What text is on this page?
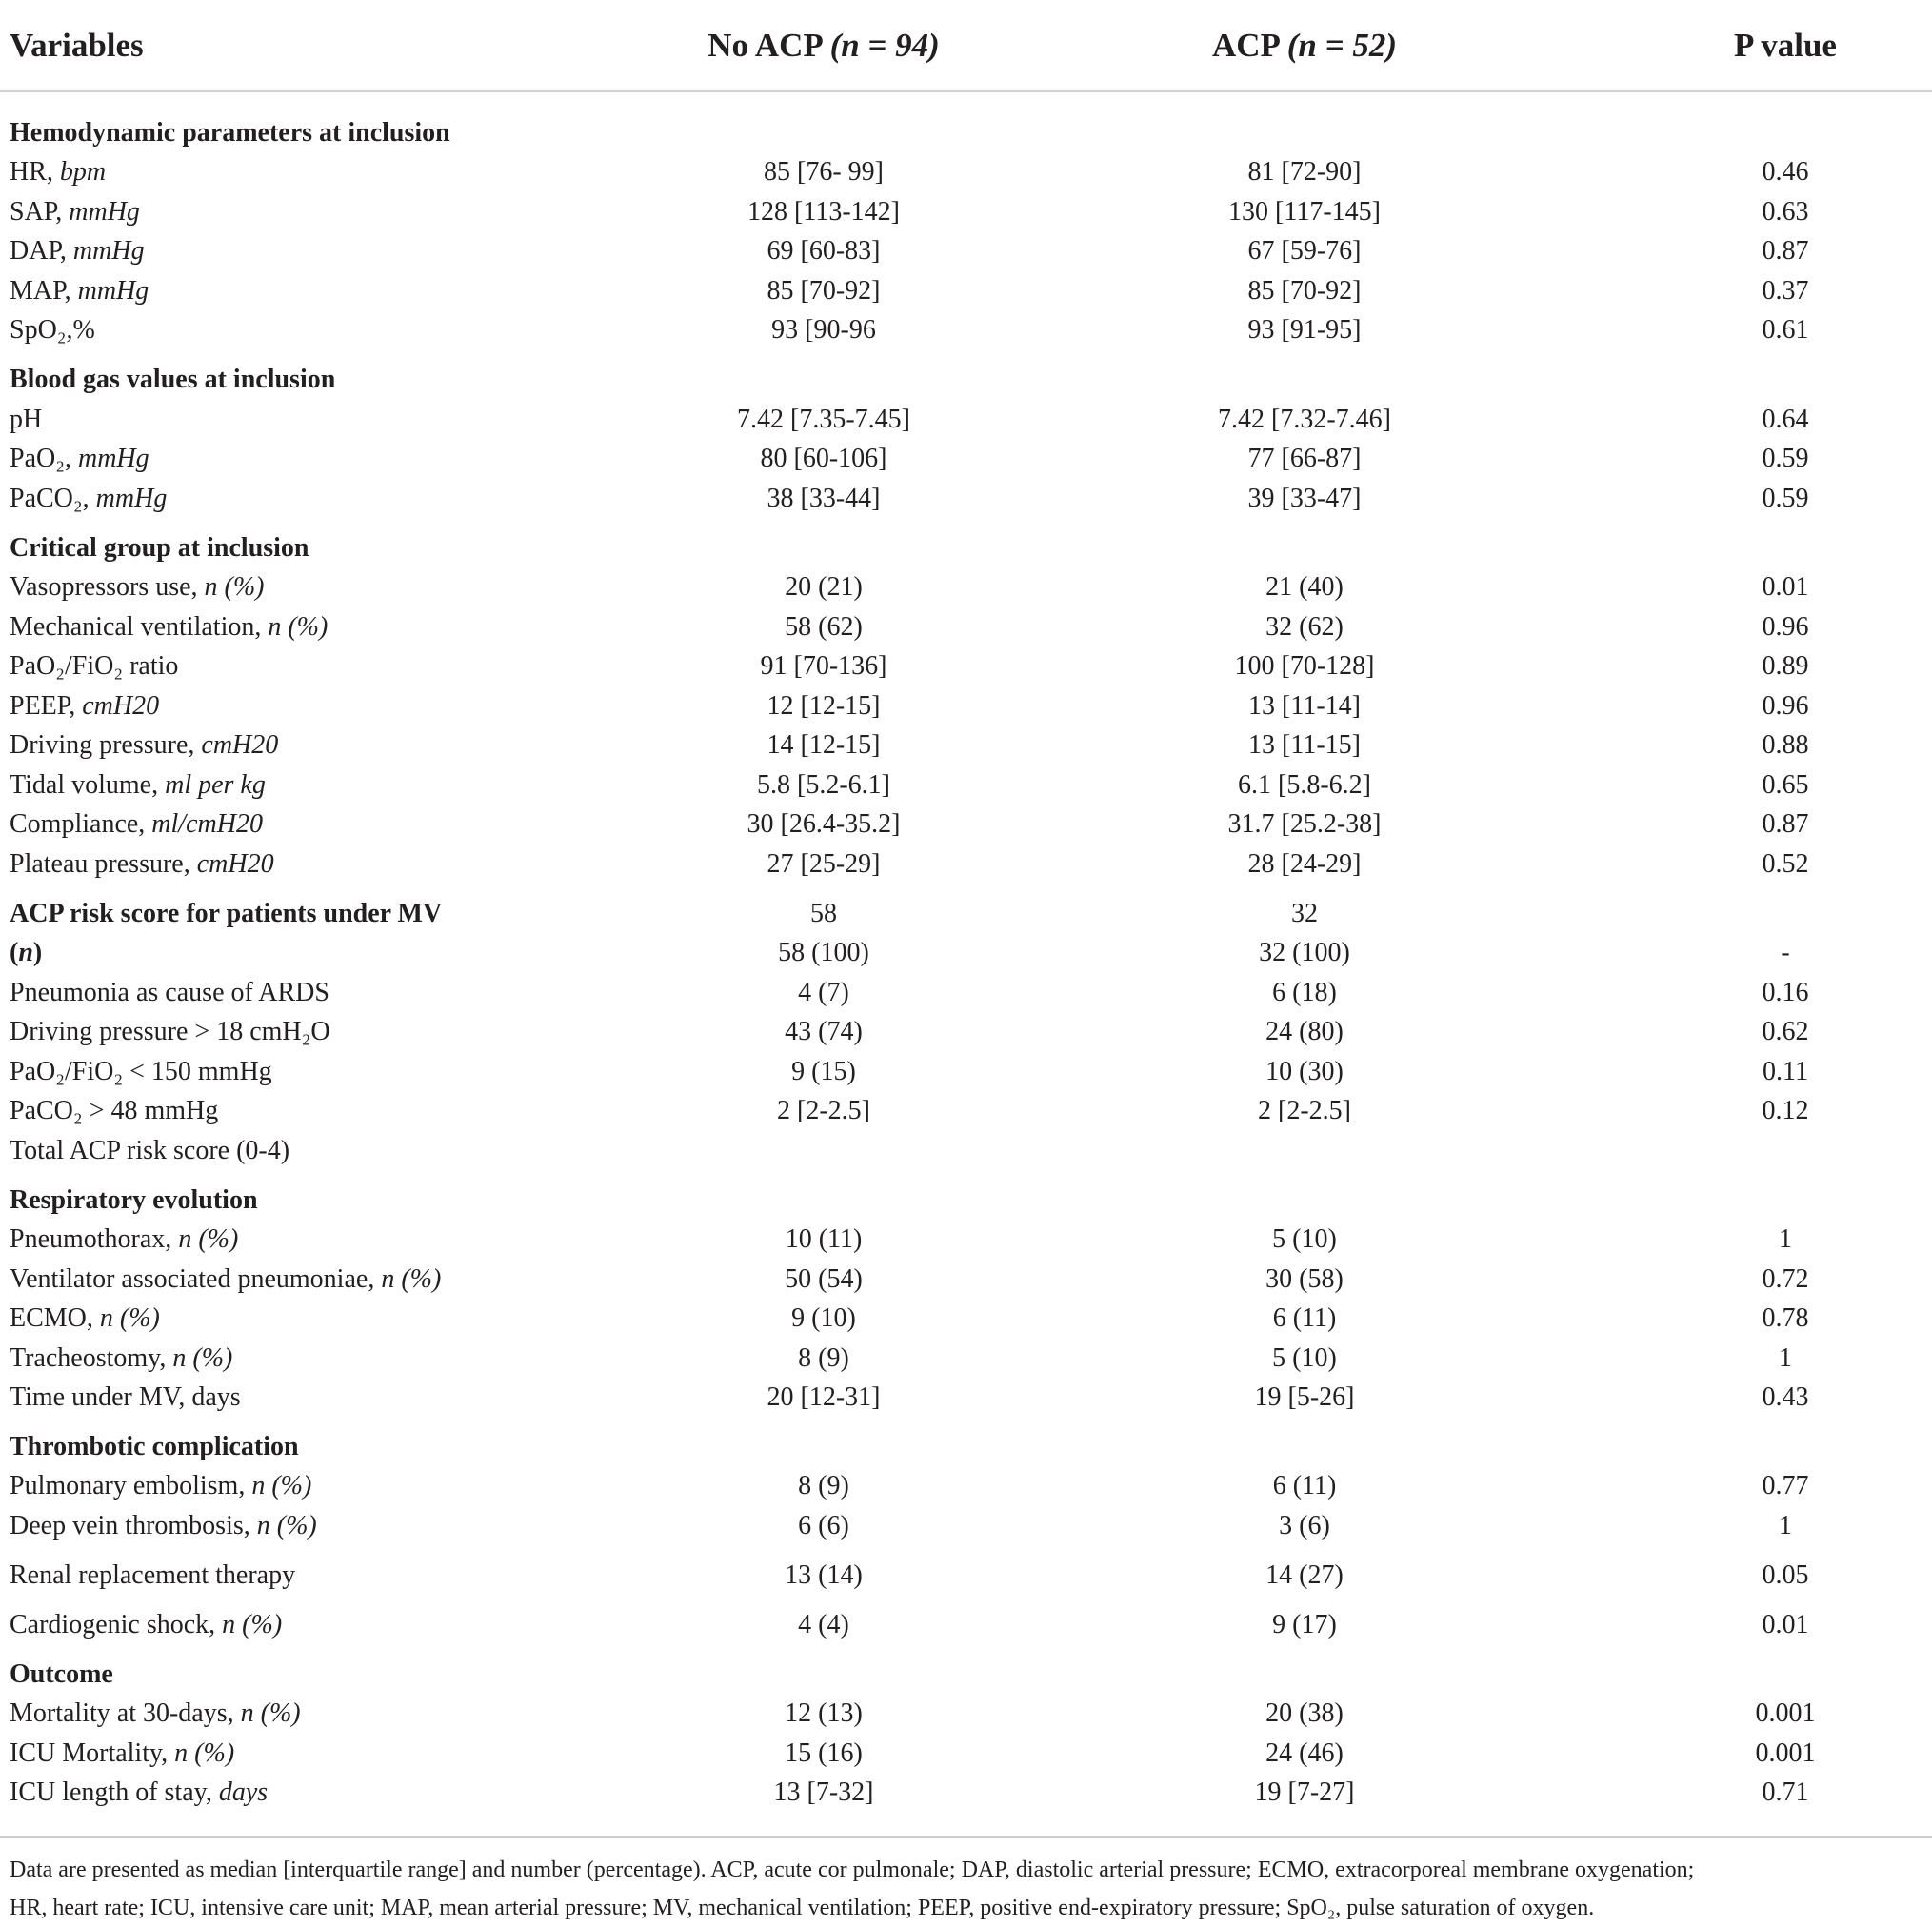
Variables	No ACP (n = 94)	ACP (n = 52)	P value
Hemodynamic parameters at inclusion
HR, bpm	85 [76- 99]	81 [72-90]	0.46
SAP, mmHg	128 [113-142]	130 [117-145]	0.63
DAP, mmHg	69 [60-83]	67 [59-76]	0.87
MAP, mmHg	85 [70-92]	85 [70-92]	0.37
SpO₂,%	93 [90-96	93 [91-95]	0.61
Blood gas values at inclusion
pH	7.42 [7.35-7.45]	7.42 [7.32-7.46]	0.64
PaO₂, mmHg	80 [60-106]	77 [66-87]	0.59
PaCO₂, mmHg	38 [33-44]	39 [33-47]	0.59
Critical group at inclusion
Vasopressors use, n (%)	20 (21)	21 (40)	0.01
Mechanical ventilation, n (%)	58 (62)	32 (62)	0.96
PaO₂/FiO₂ ratio	91 [70-136]	100 [70-128]	0.89
PEEP, cmH20	12 [12-15]	13 [11-14]	0.96
Driving pressure, cmH20	14 [12-15]	13 [11-15]	0.88
Tidal volume, ml per kg	5.8 [5.2-6.1]	6.1 [5.8-6.2]	0.65
Compliance, ml/cmH20	30 [26.4-35.2]	31.7 [25.2-38]	0.87
Plateau pressure, cmH20	27 [25-29]	28 [24-29]	0.52
ACP risk score for patients under MV	58	32
(n)	58 (100)	32 (100)	-
Pneumonia as cause of ARDS	4 (7)	6 (18)	0.16
Driving pressure > 18 cmH₂O	43 (74)	24 (80)	0.62
PaO₂/FiO₂ < 150 mmHg	9 (15)	10 (30)	0.11
PaCO₂ > 48 mmHg	2 [2-2.5]	2 [2-2.5]	0.12
Total ACP risk score (0-4)
Respiratory evolution
Pneumothorax, n (%)	10 (11)	5 (10)	1
Ventilator associated pneumoniae, n (%)	50 (54)	30 (58)	0.72
ECMO, n (%)	9 (10)	6 (11)	0.78
Tracheostomy, n (%)	8 (9)	5 (10)	1
Time under MV, days	20 [12-31]	19 [5-26]	0.43
Thrombotic complication
Pulmonary embolism, n (%)	8 (9)	6 (11)	0.77
Deep vein thrombosis, n (%)	6 (6)	3 (6)	1
Renal replacement therapy	13 (14)	14 (27)	0.05
Cardiogenic shock, n (%)	4 (4)	9 (17)	0.01
Outcome
Mortality at 30-days, n (%)	12 (13)	20 (38)	0.001
ICU Mortality, n (%)	15 (16)	24 (46)	0.001
ICU length of stay, days	13 [7-32]	19 [7-27]	0.71
Data are presented as median [interquartile range] and number (percentage). ACP, acute cor pulmonale; DAP, diastolic arterial pressure; ECMO, extracorporeal membrane oxygenation;
HR, heart rate; ICU, intensive care unit; MAP, mean arterial pressure; MV, mechanical ventilation; PEEP, positive end-expiratory pressure; SpO₂, pulse saturation of oxygen.
